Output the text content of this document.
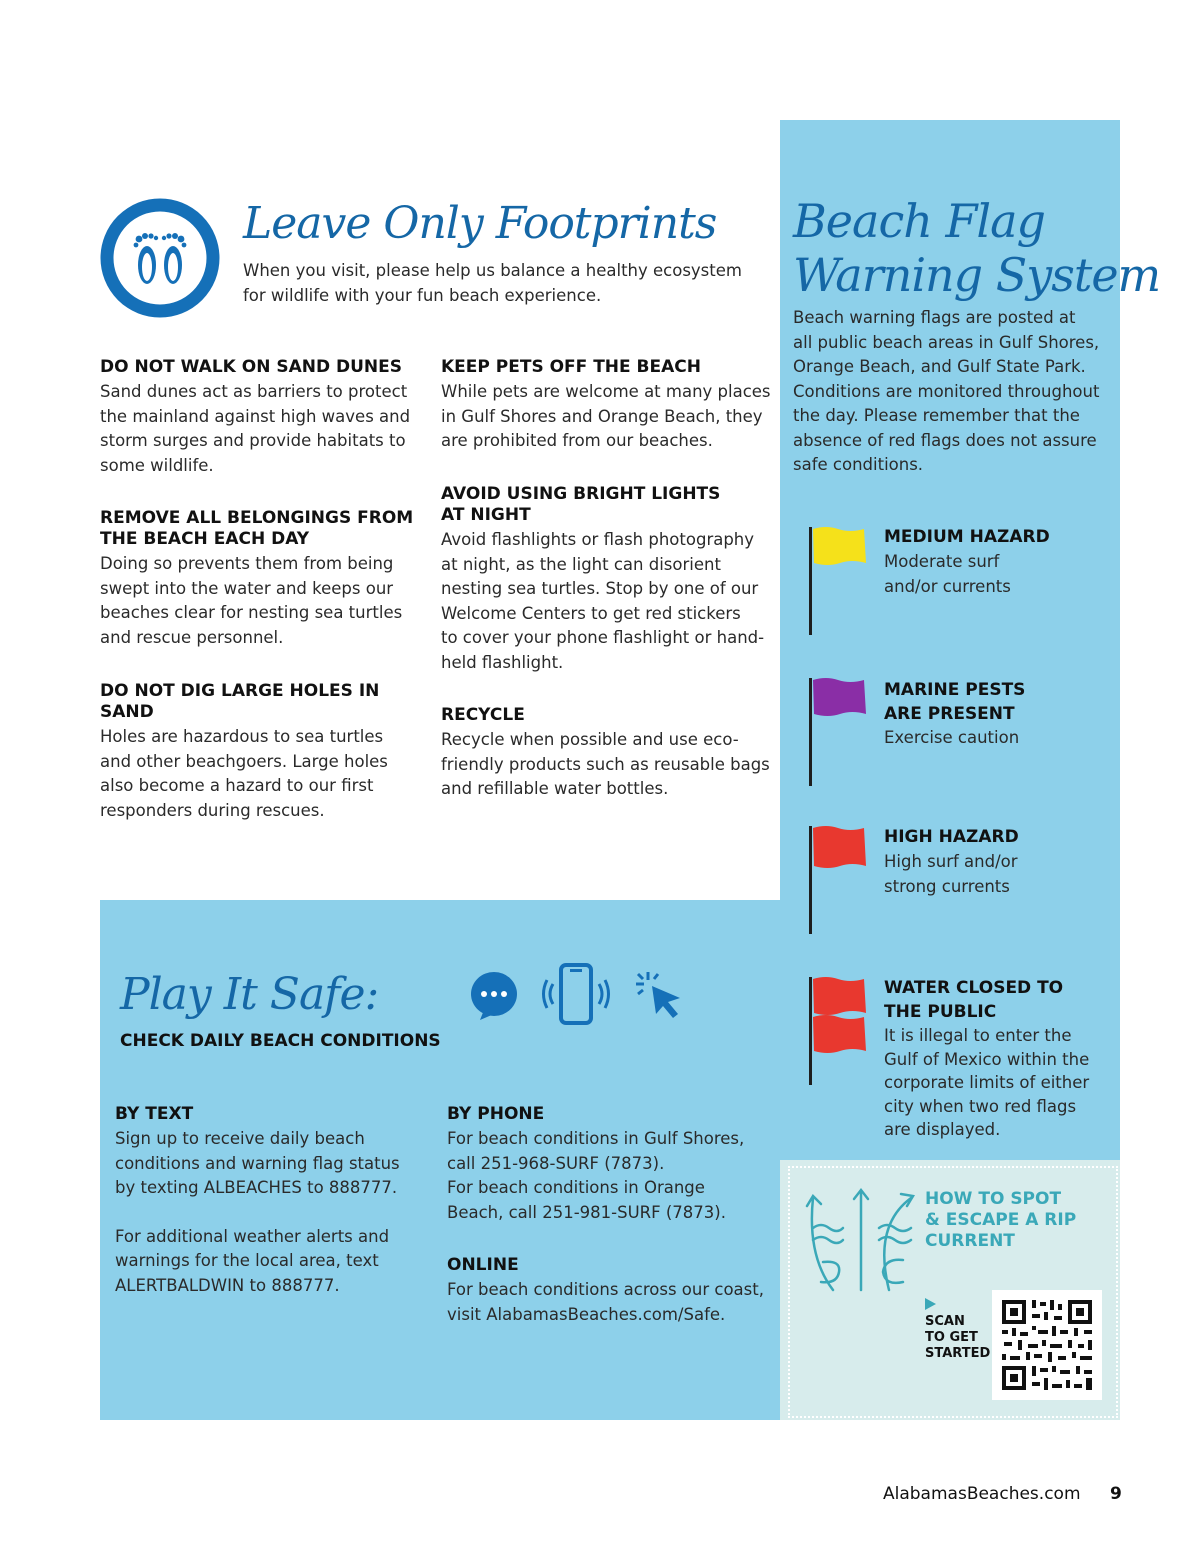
Leave Only Footprints
When you visit, please help us balance a healthy ecosystem
for wildlife with your fun beach experience.
DO NOT WALK ON SAND DUNES
Sand dunes act as barriers to protect
the mainland against high waves and
storm surges and provide habitats to
some wildlife.
REMOVE ALL BELONGINGS FROM
THE BEACH EACH DAY
Doing so prevents them from being
swept into the water and keeps our
beaches clear for nesting sea turtles
and rescue personnel.
DO NOT DIG LARGE HOLES IN SAND
Holes are hazardous to sea turtles
and other beachgoers. Large holes
also become a hazard to our first
responders during rescues.
KEEP PETS OFF THE BEACH
While pets are welcome at many places
in Gulf Shores and Orange Beach, they
are prohibited from our beaches.
AVOID USING BRIGHT LIGHTS
AT NIGHT
Avoid flashlights or flash photography
at night, as the light can disorient
nesting sea turtles. Stop by one of our
Welcome Centers to get red stickers
to cover your phone flashlight or hand-
held flashlight.
RECYCLE
Recycle when possible and use eco-
friendly products such as reusable bags
and refillable water bottles.
Beach Flag
Warning System
Beach warning flags are posted at
all public beach areas in Gulf Shores,
Orange Beach, and Gulf State Park.
Conditions are monitored throughout
the day. Please remember that the
absence of red flags does not assure
safe conditions.
MEDIUM HAZARD
Moderate surf
and/or currents
MARINE PESTS
ARE PRESENT
Exercise caution
HIGH HAZARD
High surf and/or
strong currents
WATER CLOSED TO
THE PUBLIC
It is illegal to enter the
Gulf of Mexico within the
corporate limits of either
city when two red flags
are displayed.
Play It Safe:
CHECK DAILY BEACH CONDITIONS
BY TEXT
Sign up to receive daily beach
conditions and warning flag status
by texting ALBEACHES to 888777.
For additional weather alerts and
warnings for the local area, text
ALERTBALDWIN to 888777.
BY PHONE
For beach conditions in Gulf Shores,
call 251-968-SURF (7873).
For beach conditions in Orange
Beach, call 251-981-SURF (7873).
ONLINE
For beach conditions across our coast,
visit AlabamasBeaches.com/Safe.
HOW TO SPOT
& ESCAPE A RIP
CURRENT
SCAN
TO GET
STARTED
AlabamasBeaches.com 9
